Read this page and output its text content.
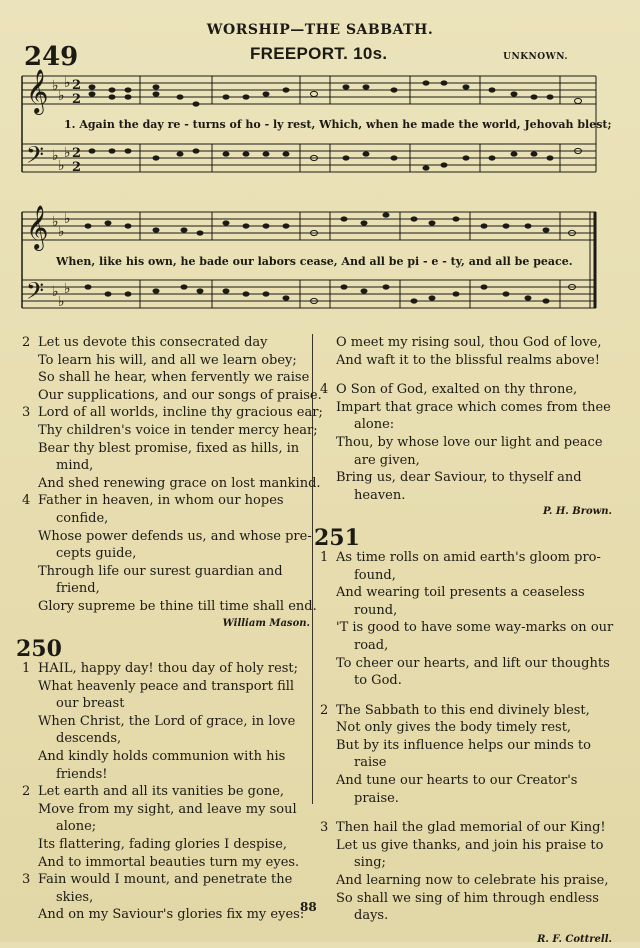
WORSHIP—THE SABBATH.
249	FREEPORT. 10s.	UNKNOWN.
𝄞
𝄢
𝄞
𝄢
♭
♭
♭
♭
♭
♭
♭
♭
♭
♭
♭
♭
2
2
2
2
1. Again the day re - turns of ho - ly rest, Which, when he made the world, Jehovah blest;
When, like his own, he bade our labors cease, And all be pi - e - ty, and all be peace.
2 Let us devote this consecrated day
To learn his will, and all we learn obey;
So shall he hear, when fervently we raise
Our supplications, and our songs of praise.
3 Lord of all worlds, incline thy gracious ear;
Thy children's voice in tender mercy hear;
Bear thy blest promise, fixed as hills, in
mind,
And shed renewing grace on lost mankind.
4 Father in heaven, in whom our hopes
confide,
Whose power defends us, and whose pre-
cepts guide,
Through life our surest guardian and
friend,
Glory supreme be thine till time shall end.
William Mason.
250
1 HAIL, happy day! thou day of holy rest;
What heavenly peace and transport fill
our breast
When Christ, the Lord of grace, in love
descends,
And kindly holds communion with his
friends!
2 Let earth and all its vanities be gone,
Move from my sight, and leave my soul
alone;
Its flattering, fading glories I despise,
And to immortal beauties turn my eyes.
3 Fain would I mount, and penetrate the
skies,
And on my Saviour's glories fix my eyes:
O meet my rising soul, thou God of love,
And waft it to the blissful realms above!
4 O Son of God, exalted on thy throne,
Impart that grace which comes from thee
alone:
Thou, by whose love our light and peace
are given,
Bring us, dear Saviour, to thyself and
heaven.
P. H. Brown.
251
1 As time rolls on amid earth's gloom pro-
found,
And wearing toil presents a ceaseless
round,
'T is good to have some way-marks on our
road,
To cheer our hearts, and lift our thoughts
to God.
2 The Sabbath to this end divinely blest,
Not only gives the body timely rest,
But by its influence helps our minds to
raise
And tune our hearts to our Creator's
praise.
3 Then hail the glad memorial of our King!
Let us give thanks, and join his praise to
sing;
And learning now to celebrate his praise,
So shall we sing of him through endless
days.
R. F. Cottrell.
88
